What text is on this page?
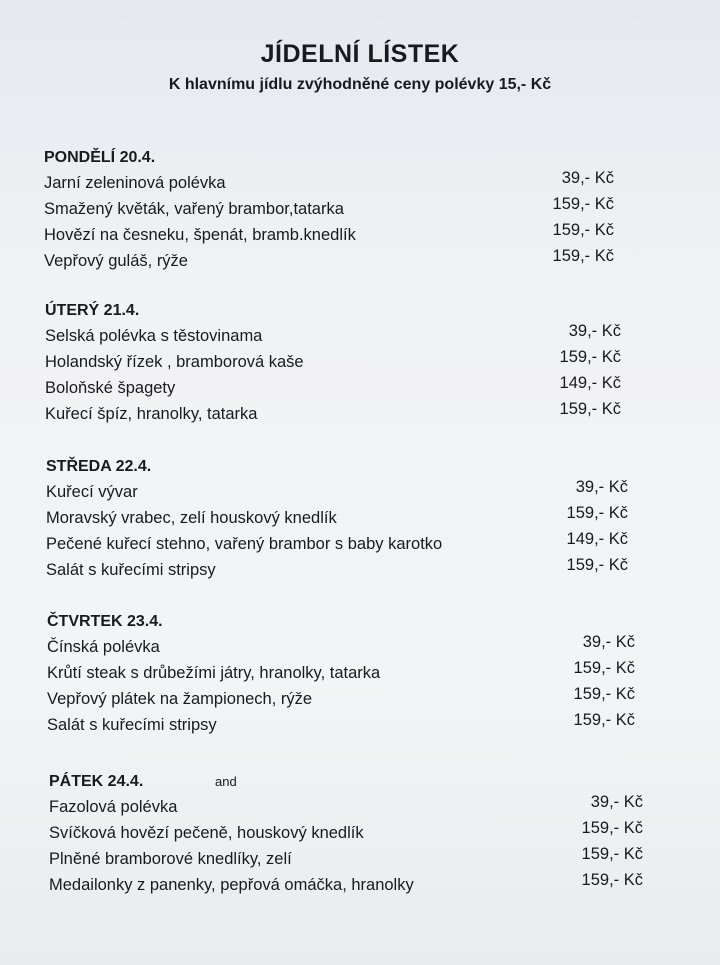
JÍDELNÍ LÍSTEK
K hlavnímu jídlu zvýhodněné ceny polévky 15,- Kč
PONDĚLÍ 20.4.
Jarní zeleninová polévka	39,- Kč
Smažený květák, vařený brambor,tatarka	159,- Kč
Hovězí na česneku, špenát, bramb.knedlík	159,- Kč
Vepřový guláš, rýže	159,- Kč
ÚTERÝ 21.4.
Selská polévka s těstovinama	39,- Kč
Holandský řízek , bramborová kaše	159,- Kč
Boloňské špagety	149,- Kč
Kuřecí špíz, hranolky, tatarka	159,- Kč
STŘEDA 22.4.
Kuřecí vývar	39,- Kč
Moravský vrabec, zelí houskový knedlík	159,- Kč
Pečené kuřecí stehno, vařený brambor s baby karotko	149,- Kč
Salát s kuřecími stripsy	159,- Kč
ČTVRTEK 23.4.
Čínská polévka	39,- Kč
Krůtí steak s drůbežími játry, hranolky, tatarka	159,- Kč
Vepřový plátek na žampionech, rýže	159,- Kč
Salát s kuřecími stripsy	159,- Kč
PÁTEK 24.4.	and
Fazolová polévka	39,- Kč
Svíčková hovězí pečeně, houskový knedlík	159,- Kč
Plněné bramborové knedlíky, zelí	159,- Kč
Medailonky z panenky, pepřová omáčka, hranolky	159,- Kč
